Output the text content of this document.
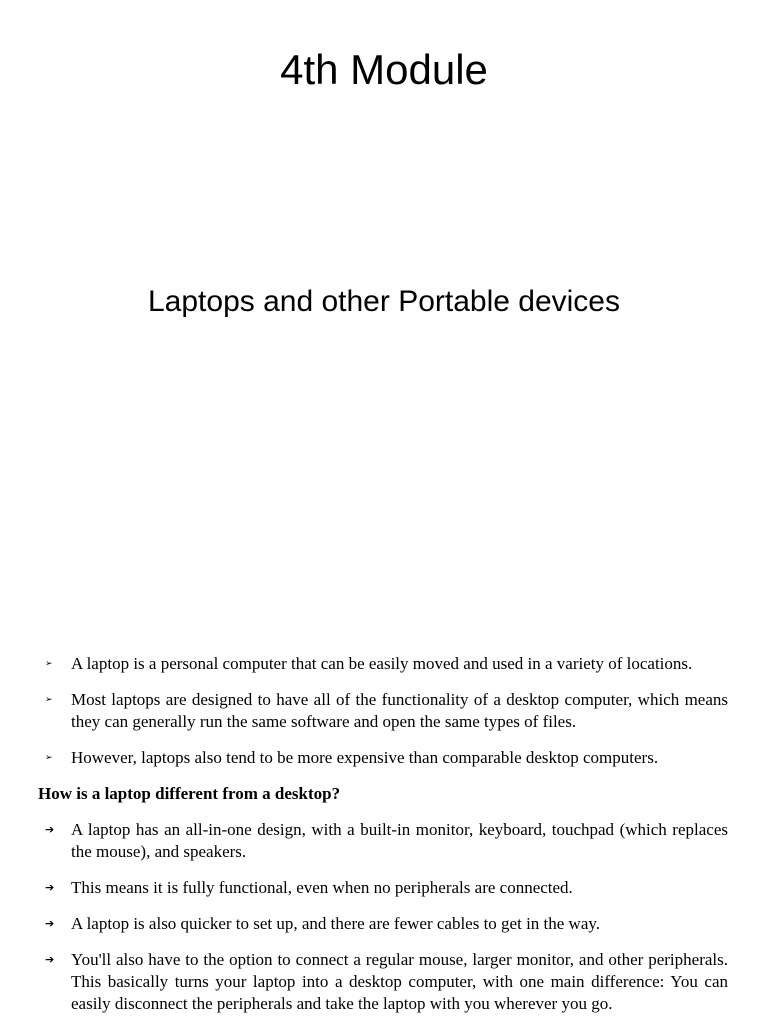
4th Module
Laptops and other Portable devices
➢ A laptop is a personal computer that can be easily moved and used in a variety of locations.
➢ Most laptops are designed to have all of the functionality of a desktop computer, which means they can generally run the same software and open the same types of files.
➢ However, laptops also tend to be more expensive than comparable desktop computers.

How is a laptop different from a desktop?

➔ A laptop has an all-in-one design, with a built-in monitor, keyboard, touchpad (which replaces the mouse), and speakers.
➔ This means it is fully functional, even when no peripherals are connected.
➔ A laptop is also quicker to set up, and there are fewer cables to get in the way.
➔ You'll also have to the option to connect a regular mouse, larger monitor, and other peripherals. This basically turns your laptop into a desktop computer, with one main difference: You can easily disconnect the peripherals and take the laptop with you wherever you go.
